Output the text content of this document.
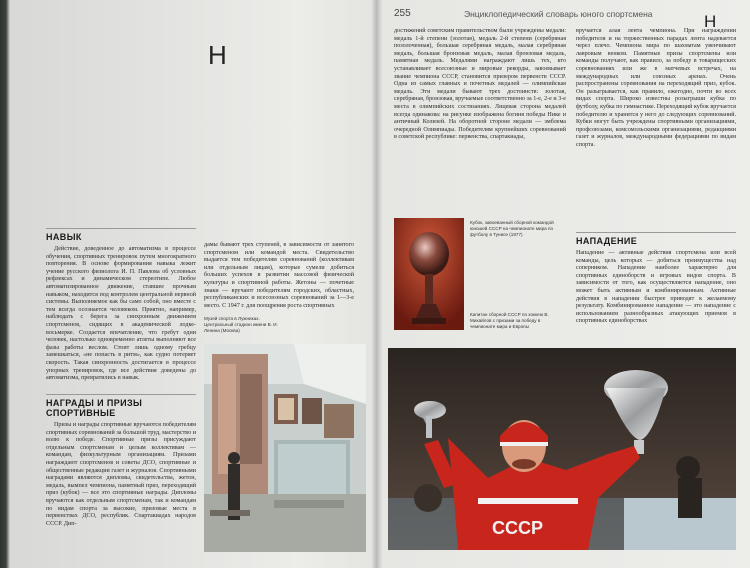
Н
НАВЫК

Действие, доведенное до автоматизма в процессе обучения, спортивных тренировок путем многократного повторения. В основе формирования навыка лежит учение русского физиолога И. П. Павлова об условных рефлексах и динамическом стереотипе. Любое автоматизированное движение, ставшее прочным навыком, находится под контролем центральной нервной системы. Выполняемое как бы само собой, оно вместе с тем всегда осознается человеком. Приятно, например, наблюдать с берега за синхронным движением спортсменов, сидящих в академической лодке-восьмерке. Создается впечатление, что гребут одни человек, настолько одновременно атлеты выполняют все фазы работы веслом. Стоит лишь одному гребцу замешкаться, «не попасть в ритм», как судно потеряет скорость. Такая синхронность достигается в процессе упорных тренировок, где все действия доведены до автоматизма, превратились в навык.

НАГРАДЫ И ПРИЗЫ СПОРТИВНЫЕ

Призы и награды спортивные вручаются победителям спортивных соревнований за большой труд, мастерство и волю к победе. Спортивные призы присуждают отдельным спортсменам и целым коллективам — командам, физкультурным организациям. Призами награждают спортсменов и советы ДСО, спортивные и общественные редакции газет и журналов. Спортивными наградами являются дипломы, свидетельства, жетон, медаль, вымпел чемпиона, памятный приз, переходящий приз (кубок) — все это спортивные награды. Дипломы вручаются как отдельным спортсменам, так и командам по видам спорта за высокие, призовые места в первенствах ДСО, республик. Спартакиадах народов СССР. Дип-

дамы бывают трех ступеней, в зависимости от занятого спортсменом или командой места. Свидетельство выдается тем победителям соревнований (коллективам или отдельным лицам), которые сумели добиться больших успехов в развитии массовой физической культуры и спортивной работы. Жетоны — почетные знаки — вручают победителям городских, областных, республиканских и всесоюзных соревнований за 1—3-е место. С 1947 г. для поощрения роста спортивных

Музей спорта в Лужниках. Центральный стадион имени В. И. Ленина (Москва)
255	Энциклопедический словарь юного спортсмена	Н

достижений советским правительством были учреждены медали: медаль 1-й степени (золотая), медаль 2-й степени (серебряная позолоченная), большая серебряная медаль, малая серебряная медаль, большая бронзовая медаль, малая бронзовая медаль, памятная медаль. Медалями награждают лишь тех, кто устанавливает всесоюзные и мировые рекорды, завоевывает звание чемпиона СССР, становится призером первенств СССР. Одна из самых главных и почетных медалей — олимпийская медаль. Эти медали бывают трех достоинств: золотая, серебряная, бронзовая, вручаемые соответственно за 1-е, 2-е и 3-е места в олимпийских состязаниях. Лицевая сторона медалей всегда одинакова: на рисунке изображена богиня победы Нике и античный Колизей. На оборотной стороне медали — эмблема очередной Олимпиады. Победителям крупнейших соревнований в советской республике: первенства, спартакиады,

вручается алая лента чемпиона. При награждении победителя и на торжественных парадах лента надевается через плечо. Чемпиона мира по шахматам увенчивают лавровым венком. Памятные призы спортсмены или команды получают, как правило, за победу в товарищеских соревнованиях или же в матчевых встречах, на международных или союзных аренах. Очень распространены соревнования на переходящий приз, кубок. Он разыгрывается, как правило, ежегодно, почти во всех видах спорта. Широко известны розыгрыши кубка по футболу, кубка по гимнастике. Переходящий кубок вручается победителю и хранится у него до следующих соревнований. Кубки могут быть учреждены спортивными организациями, профсоюзами, комсомольскими организациями, редакциями газет и журналов, международными федерациями по видам спорта.

Кубок, завоеванный сборной командой юношей СССР на чемпионате мира по футболу в Тунисе (1977)
Капитан сборной СССР по хоккею В. Михайлов с призами за победу в чемпионате мира и Европы
НАПАДЕНИЕ

Нападение — активные действия спортсмена или всей команды, цель которых — добиться преимущества над соперником. Нападение наиболее характерно для спортивных единоборств и игровых видов спорта. В зависимости от того, как осуществляется нападение, оно может быть активным и комбинированным. Активные действия в нападении быстрее приводят к желаемому результату. Комбинированное нападение — это нападение с использованием разнообразных атакующих приемов в спортивных единоборствах

СССР
